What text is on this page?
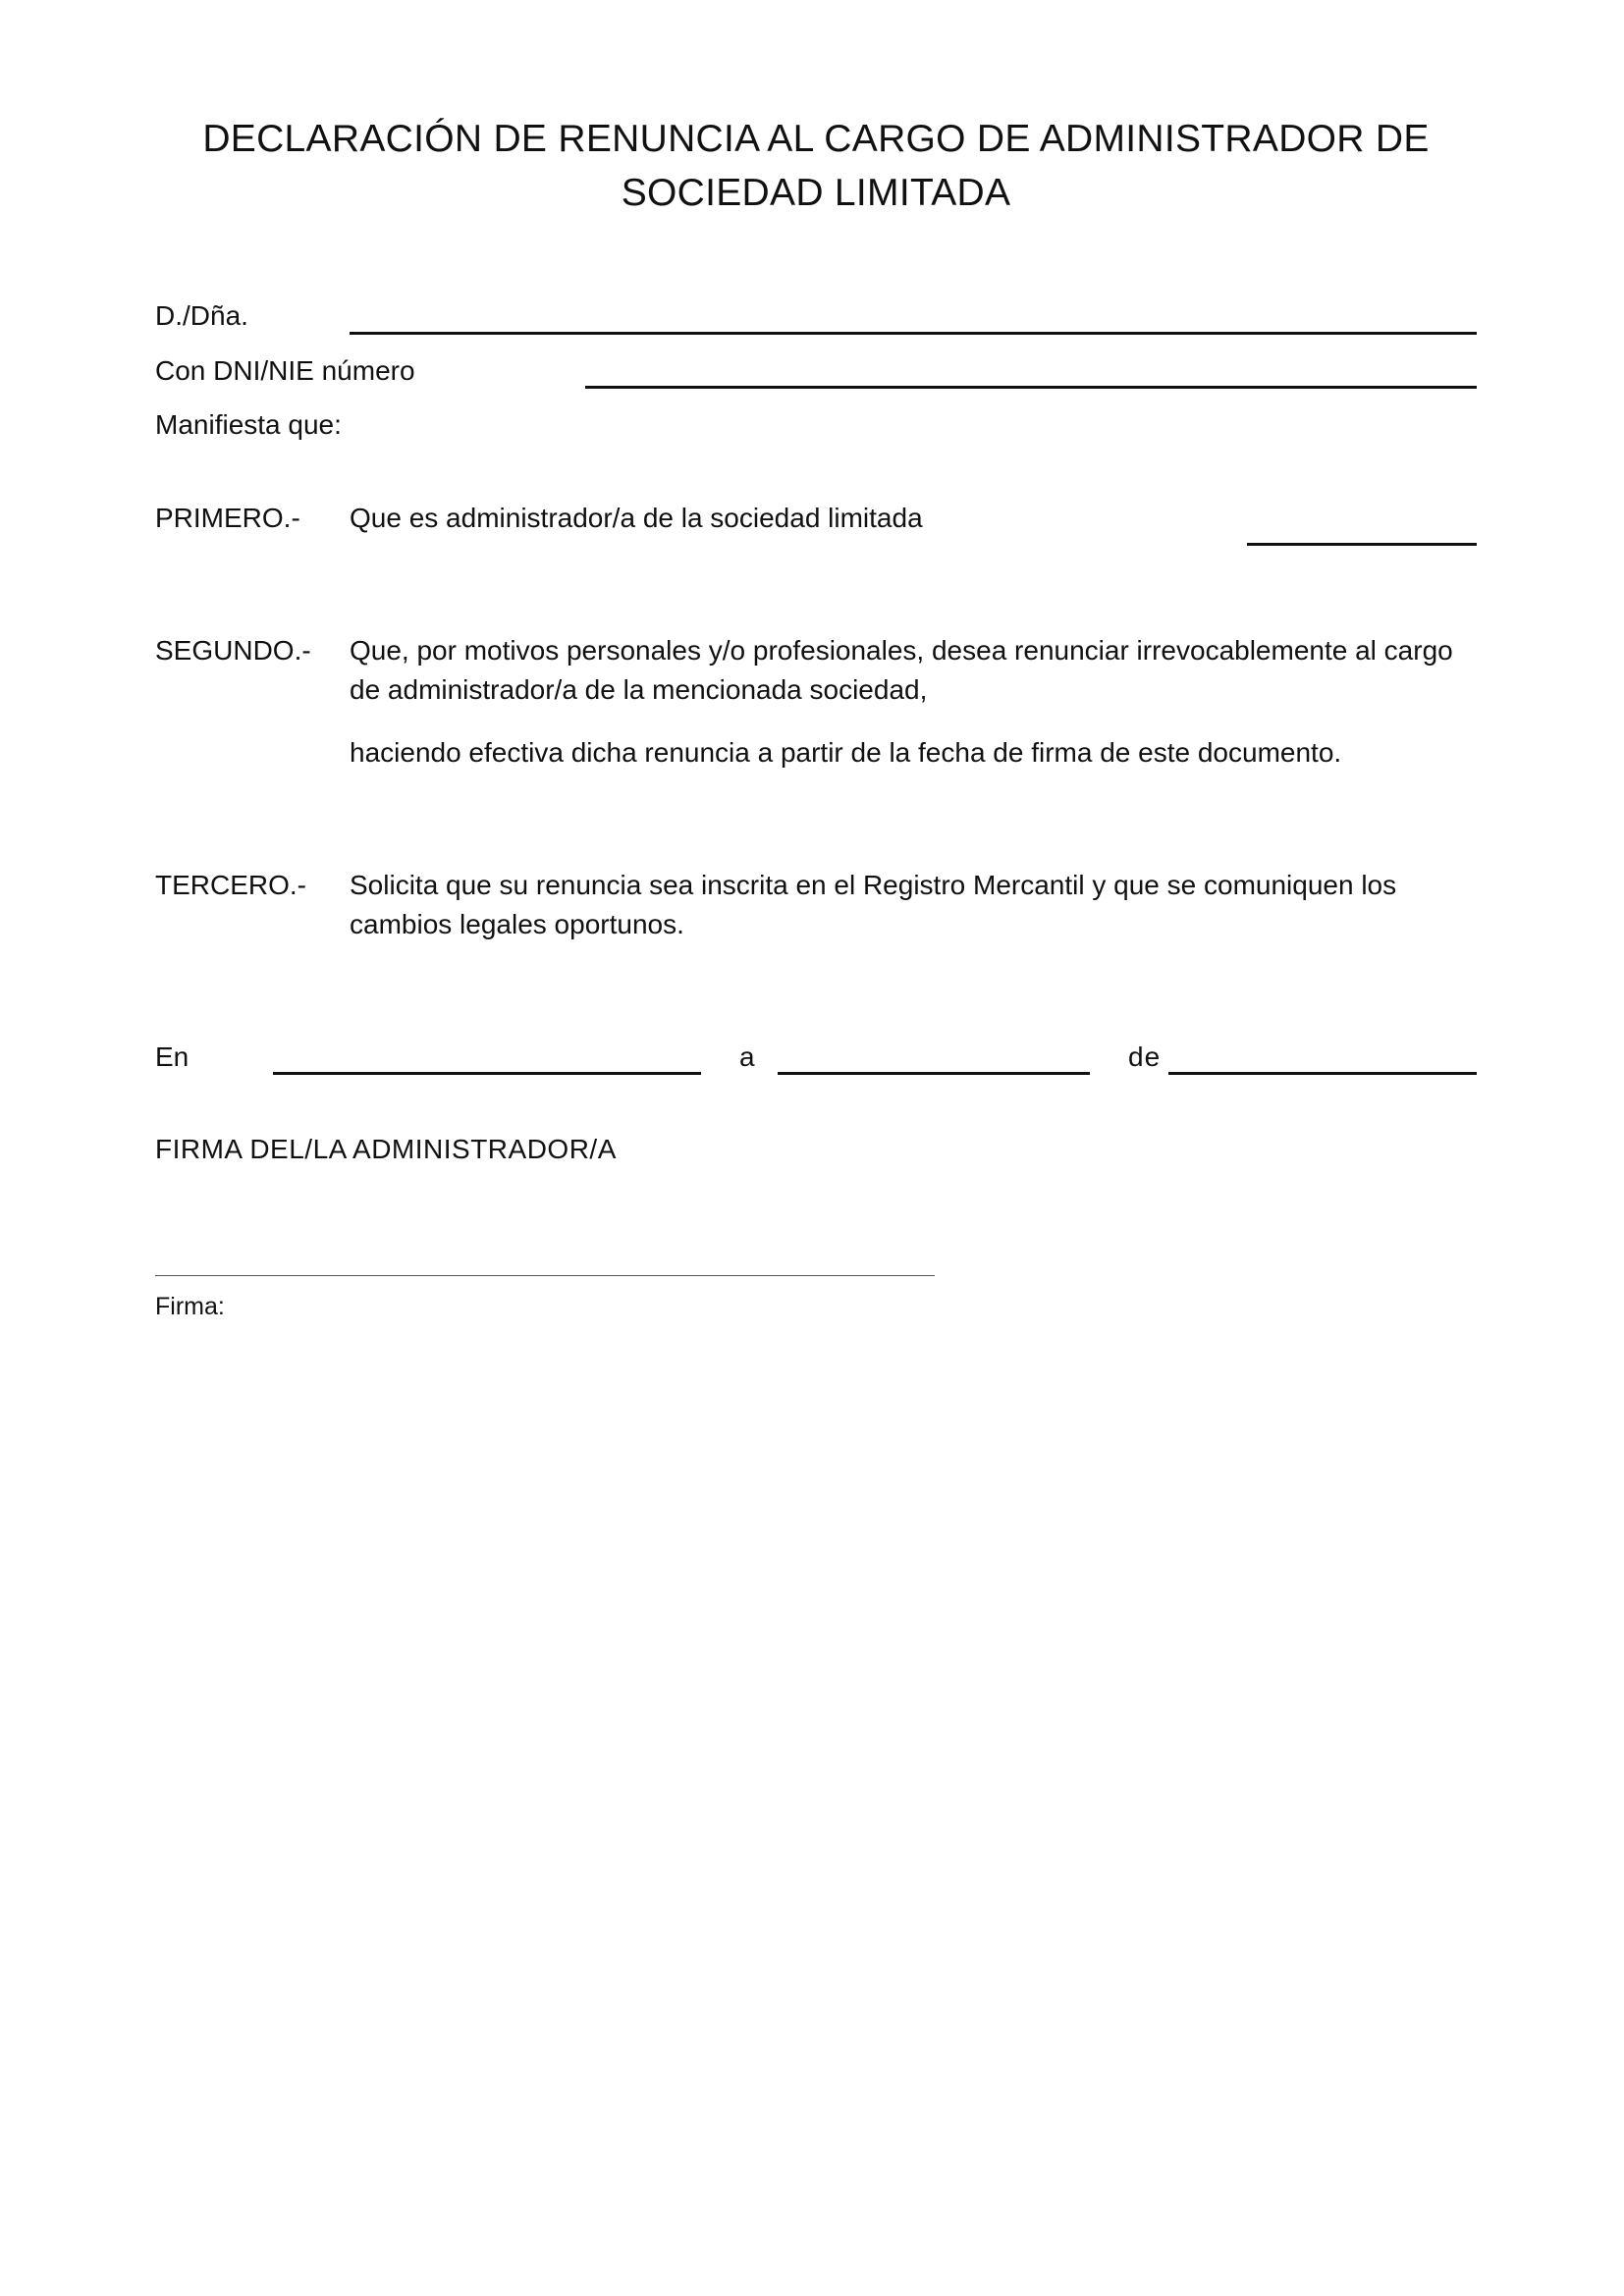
DECLARACIÓN DE RENUNCIA AL CARGO DE ADMINISTRADOR DE
SOCIEDAD LIMITADA
D./Dña.
Con DNI/NIE número
Manifiesta que:
PRIMERO.- Que es administrador/a de la sociedad limitada
SEGUNDO.- Que, por motivos personales y/o profesionales, desea renunciar irrevocablemente al cargo de administrador/a de la mencionada sociedad,
haciendo efectiva dicha renuncia a partir de la fecha de firma de este documento.
TERCERO.- Solicita que su renuncia sea inscrita en el Registro Mercantil y que se comuniquen los cambios legales oportunos.
En	a	de
FIRMA DEL/LA ADMINISTRADOR/A
Firma:
